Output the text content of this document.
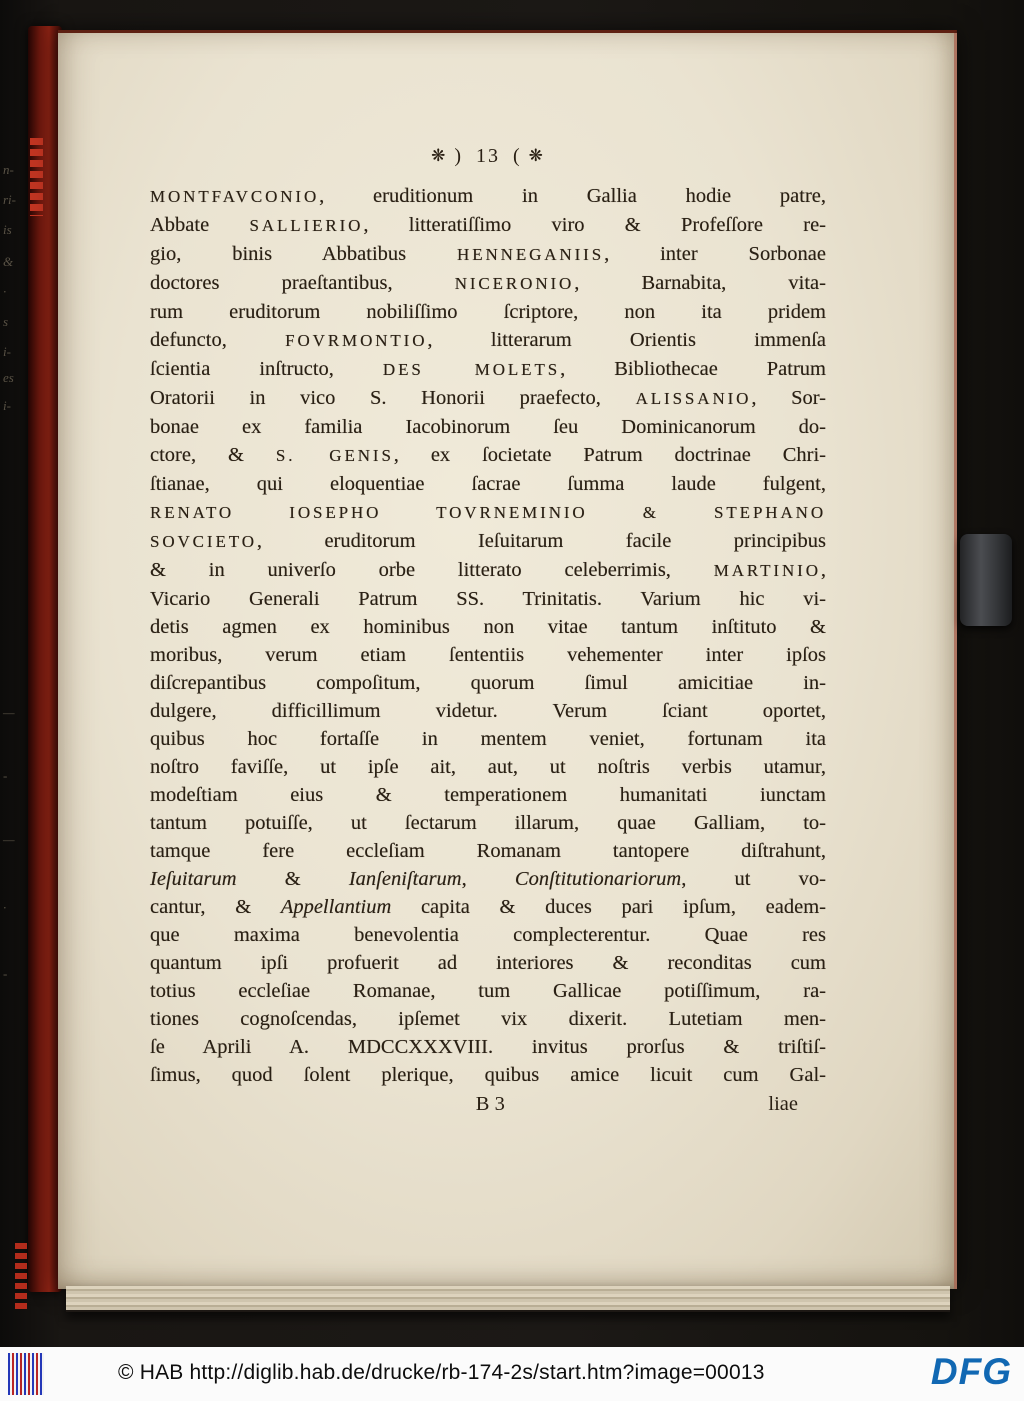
n-
ri-
is
&
·
s
i-
es
i-
—
-
—
·
-
❋ ) 13 ( ❋
MONTFAVCONIO, eruditionum in Gallia hodie patre,
Abbate SALLIERIO, litteratiſſimo viro & Profeſſore re-
gio, binis Abbatibus HENNEGANIIS, inter Sorbonae
doctores praeſtantibus, NICERONIO, Barnabita, vita-
rum eruditorum nobiliſſimo ſcriptore, non ita pridem
defuncto, FOVRMONTIO, litterarum Orientis immenſa
ſcientia inſtructo, DES MOLETS, Bibliothecae Patrum
Oratorii in vico S. Honorii praefecto, ALISSANIO, Sor-
bonae ex familia Iacobinorum ſeu Dominicanorum do-
ctore, & S. GENIS, ex ſocietate Patrum doctrinae Chri-
ſtianae, qui eloquentiae ſacrae ſumma laude fulgent,
RENATO IOSEPHO TOVRNEMINIO & STEPHANO
SOVCIETO, eruditorum Ieſuitarum facile principibus
& in univerſo orbe litterato celeberrimis, MARTINIO,
Vicario Generali Patrum SS. Trinitatis. Varium hic vi-
detis agmen ex hominibus non vitae tantum inſtituto &
moribus, verum etiam ſententiis vehementer inter ipſos
diſcrepantibus compoſitum, quorum ſimul amicitiae in-
dulgere, difficillimum videtur. Verum ſciant oportet,
quibus hoc fortaſſe in mentem veniet, fortunam ita
noſtro faviſſe, ut ipſe ait, aut, ut noſtris verbis utamur,
modeſtiam eius & temperationem humanitati iunctam
tantum potuiſſe, ut ſectarum illarum, quae Galliam, to-
tamque fere eccleſiam Romanam tantopere diſtrahunt,
Ieſuitarum & Ianſeniſtarum, Conſtitutionariorum, ut vo-
cantur, & Appellantium capita & duces pari ipſum, eadem-
que maxima benevolentia complecterentur. Quae res
quantum ipſi profuerit ad interiores & reconditas cum
totius eccleſiae Romanae, tum Gallicae potiſſimum, ra-
tiones cognoſcendas, ipſemet vix dixerit. Lutetiam men-
ſe Aprili A. MDCCXXXVIII. invitus prorſus & triſtiſ-
ſimus, quod ſolent plerique, quibus amice licuit cum Gal-
B 3	liae
© HAB http://diglib.hab.de/drucke/rb-174-2s/start.htm?image=00013	DFG
